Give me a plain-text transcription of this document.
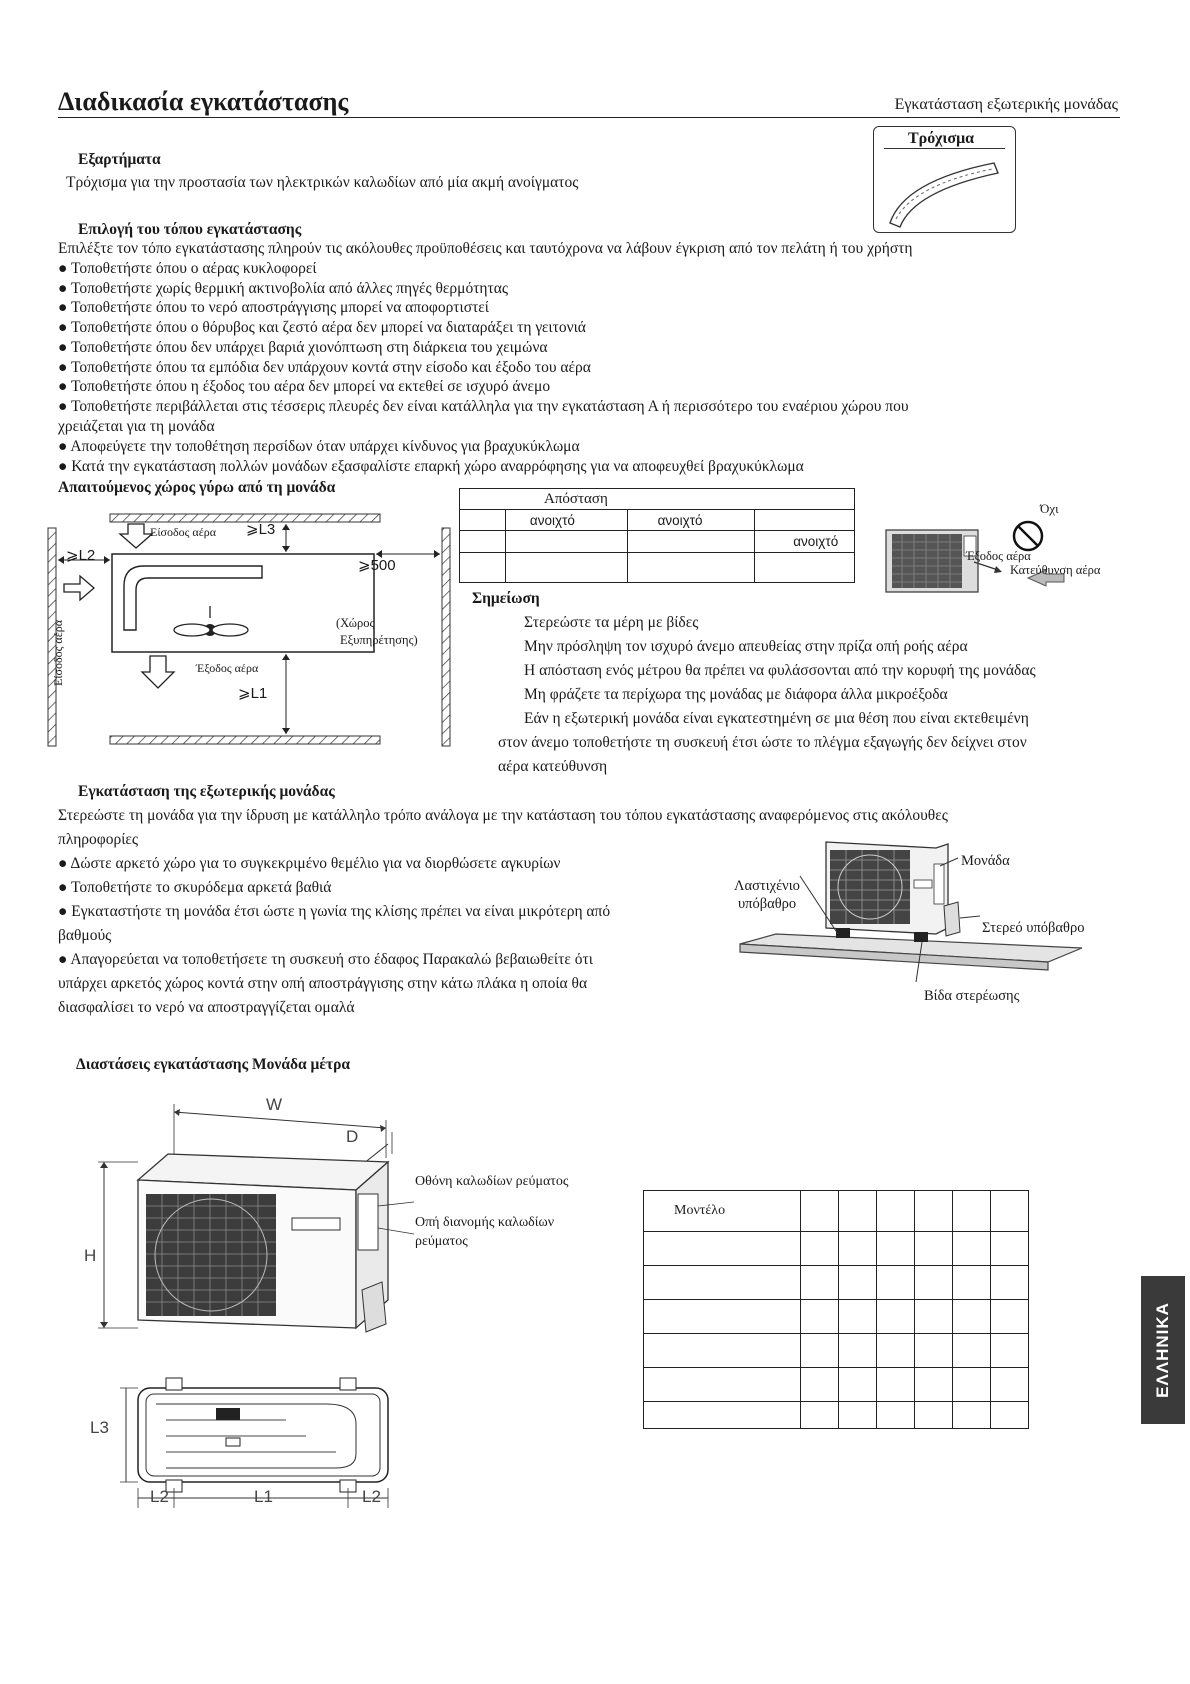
Διαδικασία εγκατάστασης	Εγκατάσταση εξωτερικής μονάδας
Εξαρτήματα
Τρόχισμα για την προστασία των ηλεκτρικών καλωδίων από μία ακμή ανοίγματος
Τρόχισμα
Επιλογή του τόπου εγκατάστασης
Επιλέξτε τον τόπο εγκατάστασης πληρούν τις ακόλουθες προϋποθέσεις και ταυτόχρονα να λάβουν έγκριση από τον πελάτη ή του χρήστη
● Τοποθετήστε όπου ο αέρας κυκλοφορεί
● Τοποθετήστε χωρίς θερμική ακτινοβολία από άλλες πηγές θερμότητας
● Τοποθετήστε όπου το νερό αποστράγγισης μπορεί να αποφορτιστεί
● Τοποθετήστε όπου ο θόρυβος και ζεστό αέρα δεν μπορεί να διαταράξει τη γειτονιά
● Τοποθετήστε όπου δεν υπάρχει βαριά χιονόπτωση στη διάρκεια του χειμώνα
● Τοποθετήστε όπου τα εμπόδια δεν υπάρχουν κοντά στην είσοδο και έξοδο του αέρα
● Τοποθετήστε όπου η έξοδος του αέρα δεν μπορεί να εκτεθεί σε ισχυρό άνεμο
● Τοποθετήστε περιβάλλεται στις τέσσερις πλευρές δεν είναι κατάλληλα για την εγκατάσταση Α ή περισσότερο του εναέριου χώρου που
χρειάζεται για τη μονάδα
● Αποφεύγετε την τοποθέτηση περσίδων όταν υπάρχει κίνδυνος για βραχυκύκλωμα
● Κατά την εγκατάσταση πολλών μονάδων εξασφαλίστε επαρκή χώρο αναρρόφησης για να αποφευχθεί βραχυκύκλωμα
Απαιτούμενος χώρος γύρω από τη μονάδα
Είσοδος αέρα ⩾L3
⩾L2
⩾500
(Χώρος
Εξυπηρέτησης)
Έξοδος αέρα
⩾L1
Είσοδος αέρα
Απόσταση			
	ανοιχτό	ανοιχτό	
			ανοιχτό

Όχι
Έξοδος αέρα
Κατεύθυνση αέρα
Σημείωση
Στερεώστε τα μέρη με βίδες
Μην πρόσληψη τον ισχυρό άνεμο απευθείας στην πρίζα οπή ροής αέρα
Η απόσταση ενός μέτρου θα πρέπει να φυλάσσονται από την κορυφή της μονάδας
Μη φράζετε τα περίχωρα της μονάδας με διάφορα άλλα μικροέξοδα
Εάν η εξωτερική μονάδα είναι εγκατεστημένη σε μια θέση που είναι εκτεθειμένη
στον άνεμο τοποθετήστε τη συσκευή έτσι ώστε το πλέγμα εξαγωγής δεν δείχνει στον
αέρα κατεύθυνση
Εγκατάσταση της εξωτερικής μονάδας
Στερεώστε τη μονάδα για την ίδρυση με κατάλληλο τρόπο ανάλογα με την κατάσταση του τόπου εγκατάστασης αναφερόμενος στις ακόλουθες
πληροφορίες
● Δώστε αρκετό χώρο για το συγκεκριμένο θεμέλιο για να διορθώσετε αγκυρίων
● Τοποθετήστε το σκυρόδεμα αρκετά βαθιά
● Εγκαταστήστε τη μονάδα έτσι ώστε η γωνία της κλίσης πρέπει να είναι μικρότερη από
βαθμούς
● Απαγορεύεται να τοποθετήσετε τη συσκευή στο έδαφος Παρακαλώ βεβαιωθείτε ότι
υπάρχει αρκετός χώρος κοντά στην οπή αποστράγγισης στην κάτω πλάκα η οποία θα
διασφαλίσει το νερό να αποστραγγίζεται ομαλά
Μονάδα
Λαστιχένιο
υπόβαθρο
Στερεό υπόβαθρο
Βίδα στερέωσης
Διαστάσεις εγκατάστασης Μονάδα μέτρα
W
D
H
Οθόνη καλωδίων ρεύματος
Οπή διανομής καλωδίων
ρεύματος
L3
L2	L1	L2
Μοντέλο						

ΕΛΛΗΝΙΚΑ
